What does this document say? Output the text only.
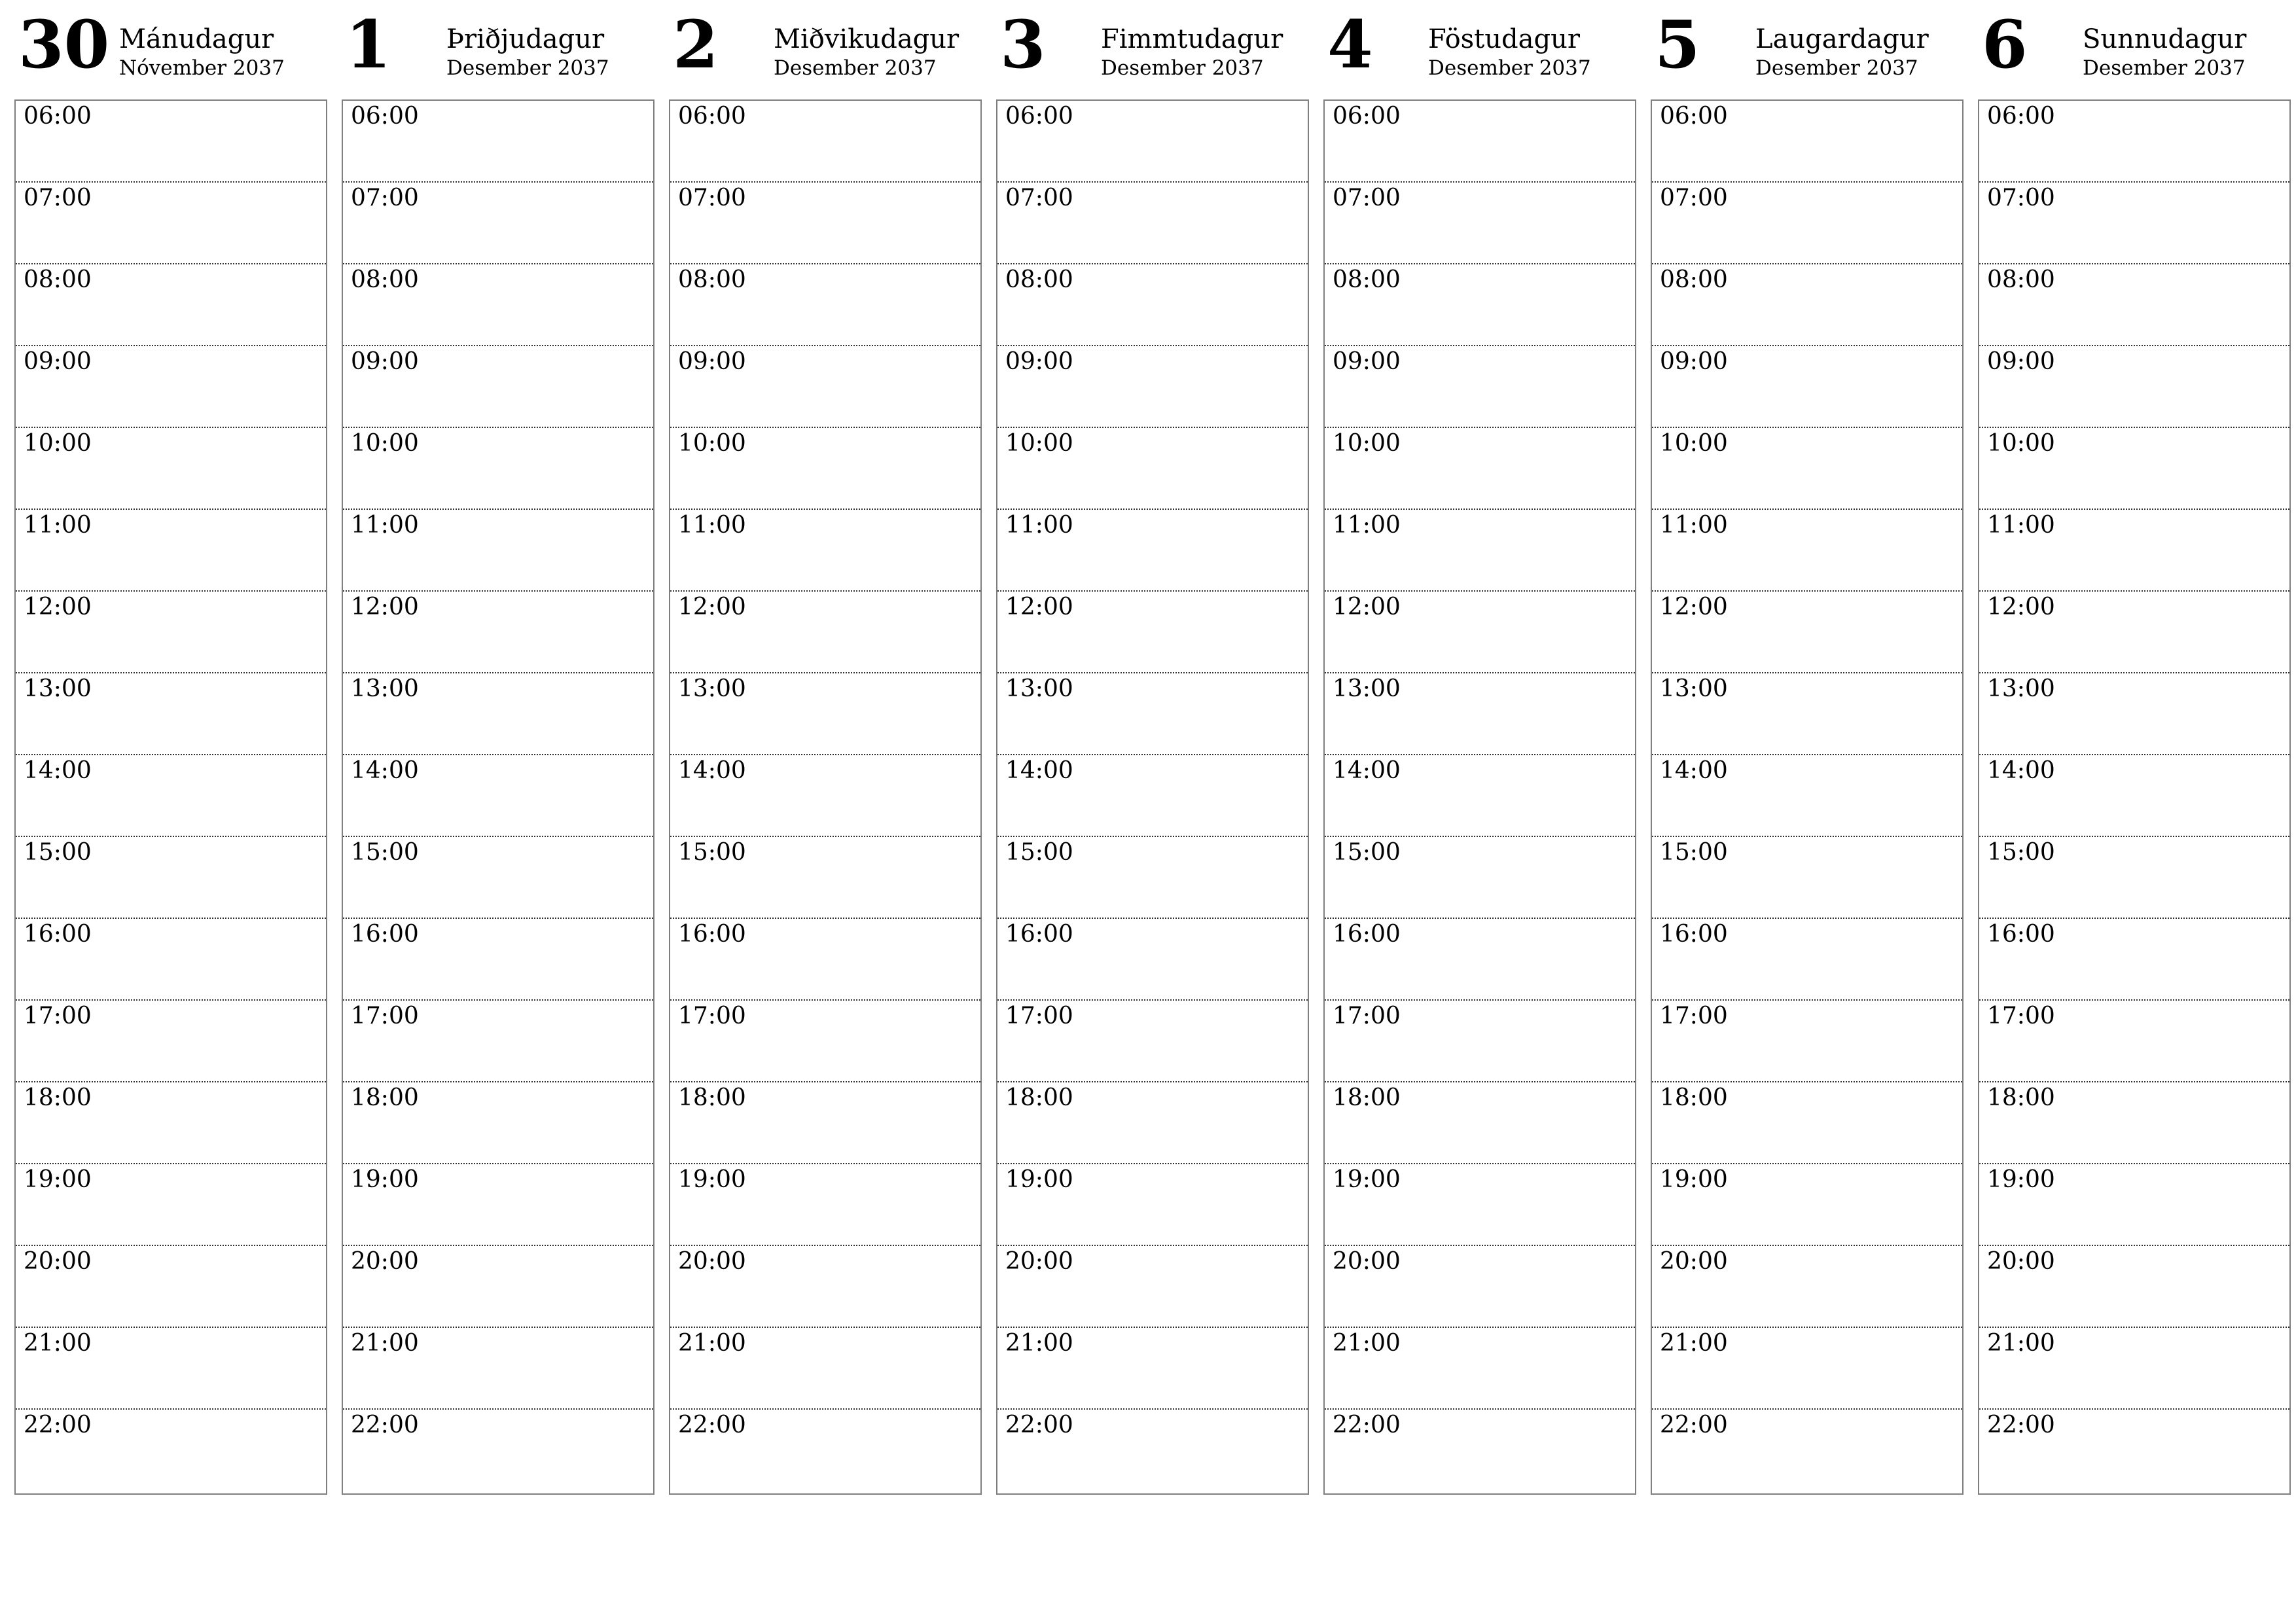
30 Mánudagur
Nóvember 2037
06:00
07:00
08:00
09:00
10:00
11:00
12:00
13:00
14:00
15:00
16:00
17:00
18:00
19:00
20:00
21:00
22:00
1 Þriðjudagur
Desember 2037
06:00
07:00
08:00
09:00
10:00
11:00
12:00
13:00
14:00
15:00
16:00
17:00
18:00
19:00
20:00
21:00
22:00
2 Miðvikudagur
Desember 2037
06:00
07:00
08:00
09:00
10:00
11:00
12:00
13:00
14:00
15:00
16:00
17:00
18:00
19:00
20:00
21:00
22:00
3 Fimmtudagur
Desember 2037
06:00
07:00
08:00
09:00
10:00
11:00
12:00
13:00
14:00
15:00
16:00
17:00
18:00
19:00
20:00
21:00
22:00
4 Föstudagur
Desember 2037
06:00
07:00
08:00
09:00
10:00
11:00
12:00
13:00
14:00
15:00
16:00
17:00
18:00
19:00
20:00
21:00
22:00
5 Laugardagur
Desember 2037
06:00
07:00
08:00
09:00
10:00
11:00
12:00
13:00
14:00
15:00
16:00
17:00
18:00
19:00
20:00
21:00
22:00
6 Sunnudagur
Desember 2037
06:00
07:00
08:00
09:00
10:00
11:00
12:00
13:00
14:00
15:00
16:00
17:00
18:00
19:00
20:00
21:00
22:00
